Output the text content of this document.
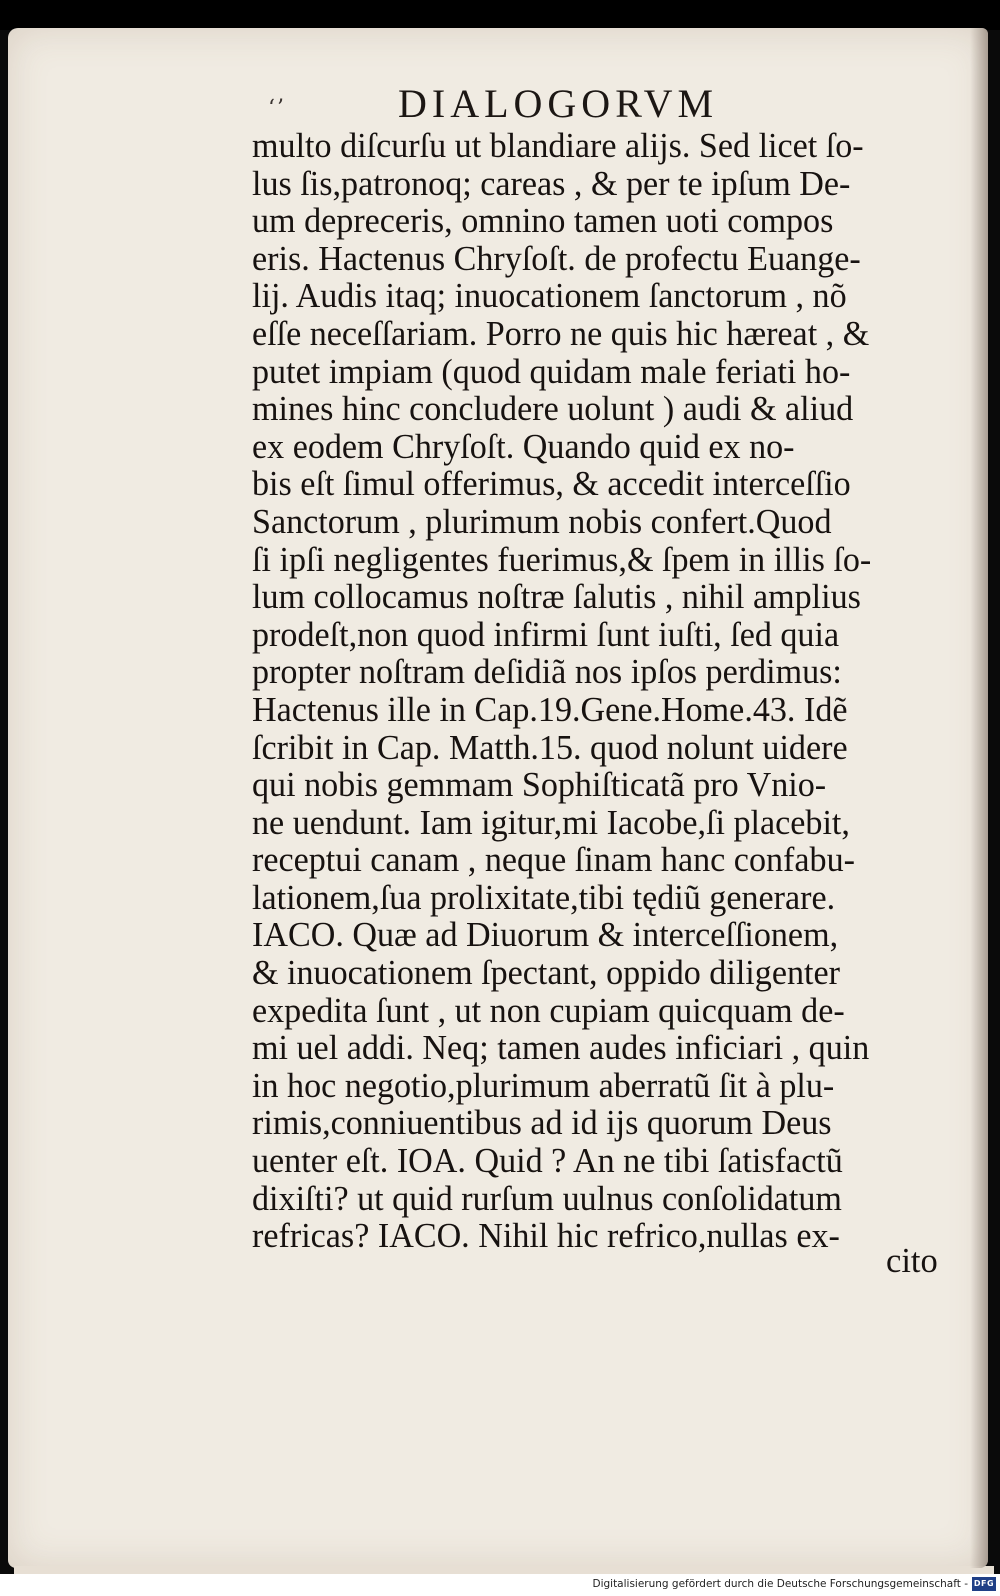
‘’	DIALOGORVM
multo diſcurſu ut blandiare alijs. Sed licet ſo-
lus ſis,patronoq; careas , & per te ipſum De-
um depreceris, omnino tamen uoti compos
eris. Hactenus Chryſoſt. de profectu Euange-
lij. Audis itaq; inuocationem ſanctorum , nõ
eſſe neceſſariam. Porro ne quis hic hæreat , &
putet impiam (quod quidam male feriati ho-
mines hinc concludere uolunt ) audi & aliud
ex eodem Chryſoſt. Quando quid ex no-
bis eſt ſimul offerimus, & accedit interceſſio
Sanctorum , plurimum nobis confert.Quod
ſi ipſi negligentes fuerimus,& ſpem in illis ſo-
lum collocamus noſtræ ſalutis , nihil amplius
prodeſt,non quod infirmi ſunt iuſti, ſed quia
propter noſtram deſidiã nos ipſos perdimus:
Hactenus ille in Cap.19.Gene.Home.43. Idẽ
ſcribit in Cap. Matth.15. quod nolunt uidere
qui nobis gemmam Sophiſticatã pro Vnio-
ne uendunt. Iam igitur,mi Iacobe,ſi placebit,
receptui canam , neque ſinam hanc confabu-
lationem,ſua prolixitate,tibi tędiũ generare.
IACO. Quæ ad Diuorum & interceſſionem,
& inuocationem ſpectant, oppido diligenter
expedita ſunt , ut non cupiam quicquam de-
mi uel addi. Neq; tamen audes inficiari , quin
in hoc negotio,plurimum aberratũ ſit à plu-
rimis,conniuentibus ad id ijs quorum Deus
uenter eſt. IOA. Quid ? An ne tibi ſatisfactũ
dixiſti? ut quid rurſum uulnus conſolidatum
refricas? IACO. Nihil hic refrico,nullas ex-
cito
Digitalisierung gefördert durch die Deutsche Forschungsgemeinschaft - DFG
